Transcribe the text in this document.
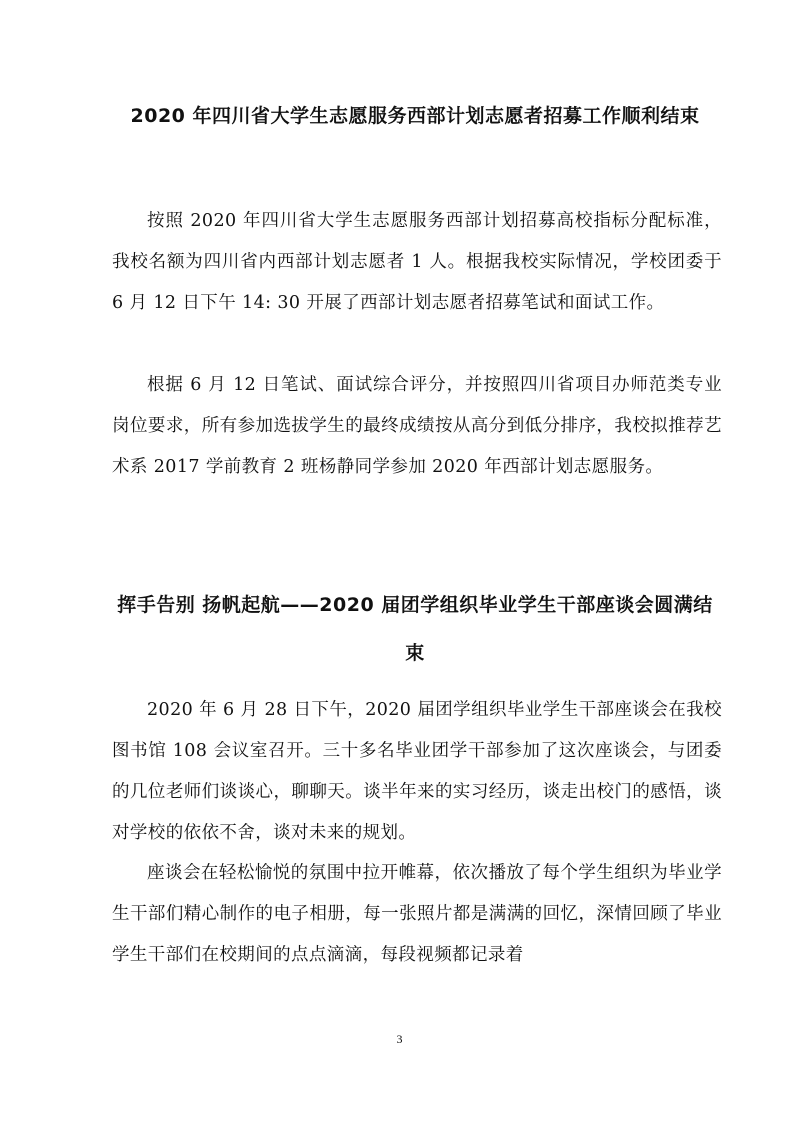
2020 年四川省大学生志愿服务西部计划志愿者招募工作顺利结束

按照 2020 年四川省大学生志愿服务西部计划招募高校指标分配标准，我校名额为四川省内西部计划志愿者 1 人。根据我校实际情况，学校团委于 6 月 12 日下午 14: 30 开展了西部计划志愿者招募笔试和面试工作。

根据 6 月 12 日笔试、面试综合评分，并按照四川省项目办师范类专业岗位要求，所有参加选拔学生的最终成绩按从高分到低分排序，我校拟推荐艺术系 2017 学前教育 2 班杨静同学参加 2020 年西部计划志愿服务。

挥手告别 扬帆起航——2020 届团学组织毕业学生干部座谈会圆满结束

2020 年 6 月 28 日下午，2020 届团学组织毕业学生干部座谈会在我校图书馆 108 会议室召开。三十多名毕业团学干部参加了这次座谈会，与团委的几位老师们谈谈心，聊聊天。谈半年来的实习经历，谈走出校门的感悟，谈对学校的依依不舍，谈对未来的规划。

座谈会在轻松愉悦的氛围中拉开帷幕，依次播放了每个学生组织为毕业学生干部们精心制作的电子相册，每一张照片都是满满的回忆，深情回顾了毕业学生干部们在校期间的点点滴滴，每段视频都记录着

3
